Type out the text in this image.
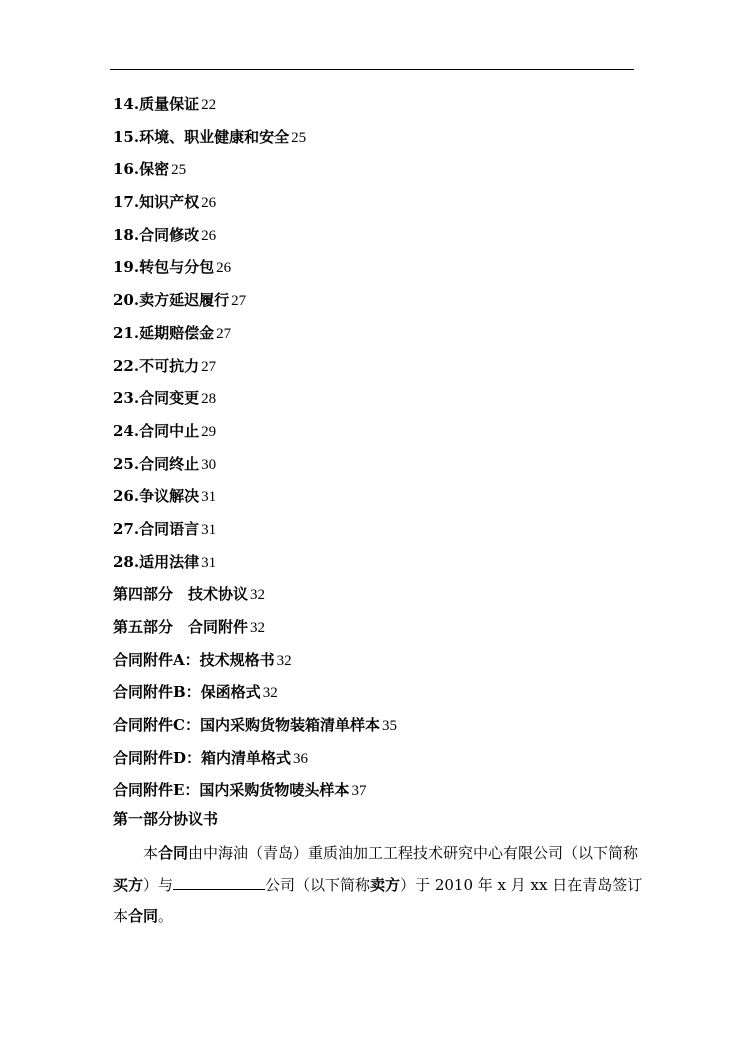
14.质量保证 22
15.环境、职业健康和安全 25
16.保密 25
17.知识产权 26
18.合同修改 26
19.转包与分包 26
20.卖方延迟履行 27
21.延期赔偿金 27
22.不可抗力 27
23.合同变更 28
24.合同中止 29
25.合同终止 30
26.争议解决 31
27.合同语言 31
28.适用法律 31
第四部分　技术协议 32
第五部分　合同附件 32
合同附件A：技术规格书 32
合同附件B：保函格式 32
合同附件C：国内采购货物装箱清单样本 35
合同附件D：箱内清单格式 36
合同附件E：国内采购货物唛头样本 37
第一部分协议书
　　本合同由中海油（青岛）重质油加工工程技术研究中心有限公司（以下简称买方）与	公司（以下简称卖方）于 2010 年 x 月 xx 日在青岛签订本合同。
